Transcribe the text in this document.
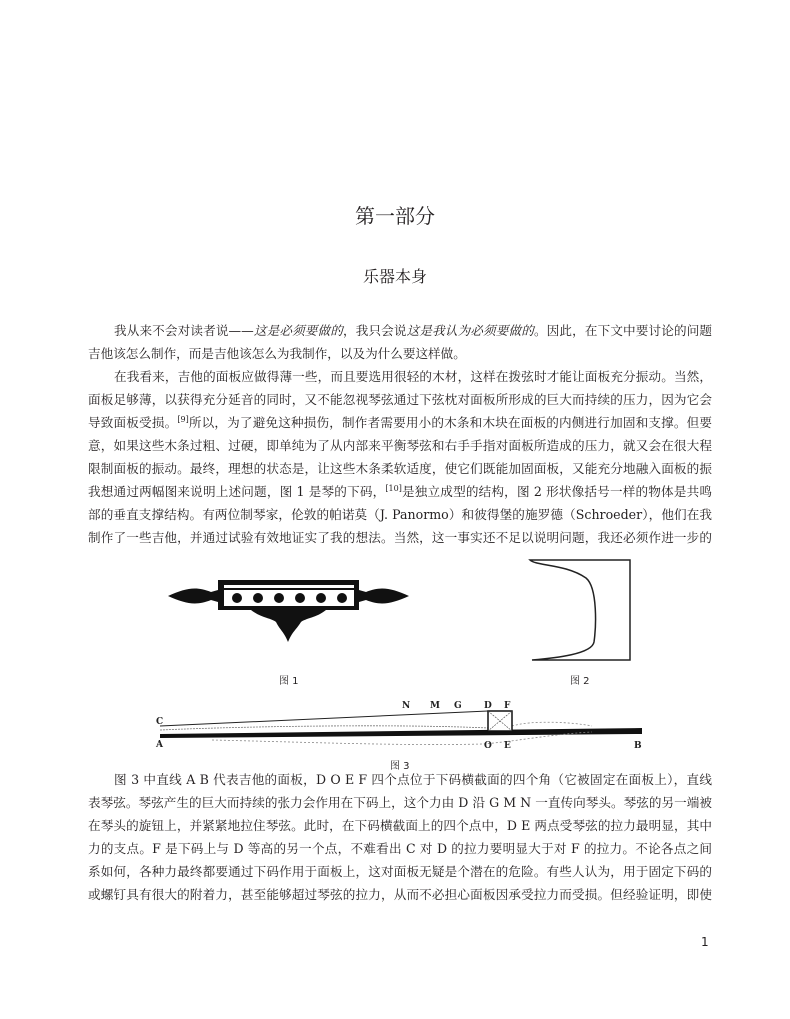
第一部分
乐器本身
我从来不会对读者说——这是必须要做的，我只会说这是我认为必须要做的。因此，在下文中要讨论的问题
吉他该怎么制作，而是吉他该怎么为我制作，以及为什么要这样做。
在我看来，吉他的面板应做得薄一些，而且要选用很轻的木材，这样在拨弦时才能让面板充分振动。当然，
面板足够薄，以获得充分延音的同时，又不能忽视琴弦通过下弦枕对面板所形成的巨大而持续的压力，因为它会
导致面板受损。[9]所以，为了避免这种损伤，制作者需要用小的木条和木块在面板的内侧进行加固和支撑。但要
意，如果这些木条过粗、过硬，即单纯为了从内部来平衡琴弦和右手手指对面板所造成的压力，就又会在很大程
限制面板的振动。最终，理想的状态是，让这些木条柔软适度，使它们既能加固面板，又能充分地融入面板的振
我想通过两幅图来说明上述问题，图 1 是琴的下码，[10]是独立成型的结构，图 2 形状像括号一样的物体是共鸣
部的垂直支撑结构。有两位制琴家，伦敦的帕诺莫（J. Panormo）和彼得堡的施罗德（Schroeder），他们在我
制作了一些吉他，并通过试验有效地证实了我的想法。当然，这一事实还不足以说明问题，我还必须作进一步的
图 1	图 2
C
A
N M G D F
O E	B
图 3
图 3 中直线 A B 代表吉他的面板，D O E F 四个点位于下码横截面的四个角（它被固定在面板上），直线
表琴弦。琴弦产生的巨大而持续的张力会作用在下码上，这个力由 D 沿 G M N 一直传向琴头。琴弦的另一端被
在琴头的旋钮上，并紧紧地拉住琴弦。此时，在下码横截面上的四个点中，D E 两点受琴弦的拉力最明显，其中
力的支点。F 是下码上与 D 等高的另一个点，不难看出 C 对 D 的拉力要明显大于对 F 的拉力。不论各点之间
系如何，各种力最终都要通过下码作用于面板上，这对面板无疑是个潜在的危险。有些人认为，用于固定下码的
或螺钉具有很大的附着力，甚至能够超过琴弦的拉力，从而不必担心面板因承受拉力而受损。但经验证明，即使
1
